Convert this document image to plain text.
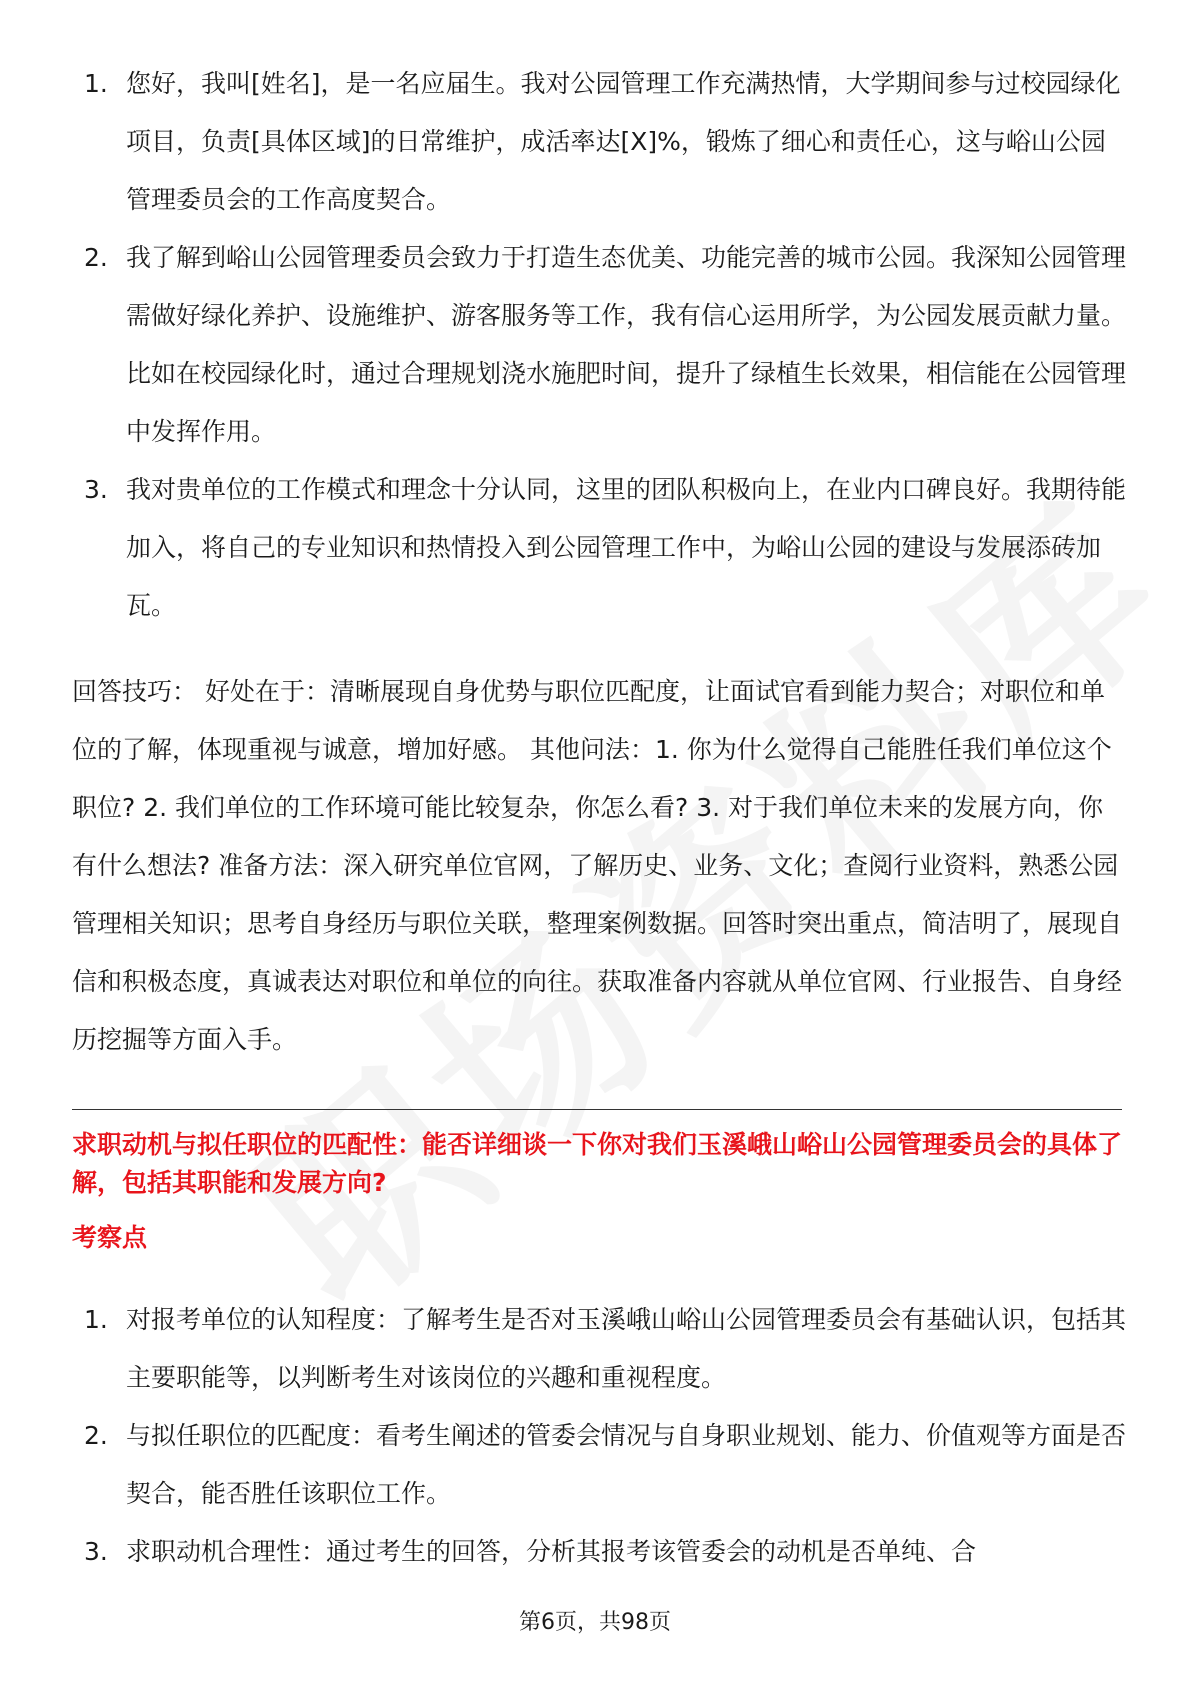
1. 您好，我叫[姓名]，是一名应届生。我对公园管理工作充满热情，大学期间参与过校园绿化项目，负责[具体区域]的日常维护，成活率达[X]%，锻炼了细心和责任心，这与峪山公园管理委员会的工作高度契合。
2. 我了解到峪山公园管理委员会致力于打造生态优美、功能完善的城市公园。我深知公园管理需做好绿化养护、设施维护、游客服务等工作，我有信心运用所学，为公园发展贡献力量。比如在校园绿化时，通过合理规划浇水施肥时间，提升了绿植生长效果，相信能在公园管理中发挥作用。
3. 我对贵单位的工作模式和理念十分认同，这里的团队积极向上，在业内口碑良好。我期待能加入，将自己的专业知识和热情投入到公园管理工作中，为峪山公园的建设与发展添砖加瓦。
回答技巧： 好处在于：清晰展现自身优势与职位匹配度，让面试官看到能力契合；对职位和单位的了解，体现重视与诚意，增加好感。 其他问法：1. 你为什么觉得自己能胜任我们单位这个职位? 2. 我们单位的工作环境可能比较复杂，你怎么看? 3. 对于我们单位未来的发展方向，你有什么想法? 准备方法：深入研究单位官网，了解历史、业务、文化；查阅行业资料，熟悉公园管理相关知识；思考自身经历与职位关联，整理案例数据。回答时突出重点，简洁明了，展现自信和积极态度，真诚表达对职位和单位的向往。获取准备内容就从单位官网、行业报告、自身经历挖掘等方面入手。
求职动机与拟任职位的匹配性：能否详细谈一下你对我们玉溪峨山峪山公园管理委员会的具体了解，包括其职能和发展方向?
考察点
1. 对报考单位的认知程度：了解考生是否对玉溪峨山峪山公园管理委员会有基础认识，包括其主要职能等，以判断考生对该岗位的兴趣和重视程度。
2. 与拟任职位的匹配度：看考生阐述的管委会情况与自身职业规划、能力、价值观等方面是否契合，能否胜任该职位工作。
3. 求职动机合理性：通过考生的回答，分析其报考该管委会的动机是否单纯、合
第6页，共98页
